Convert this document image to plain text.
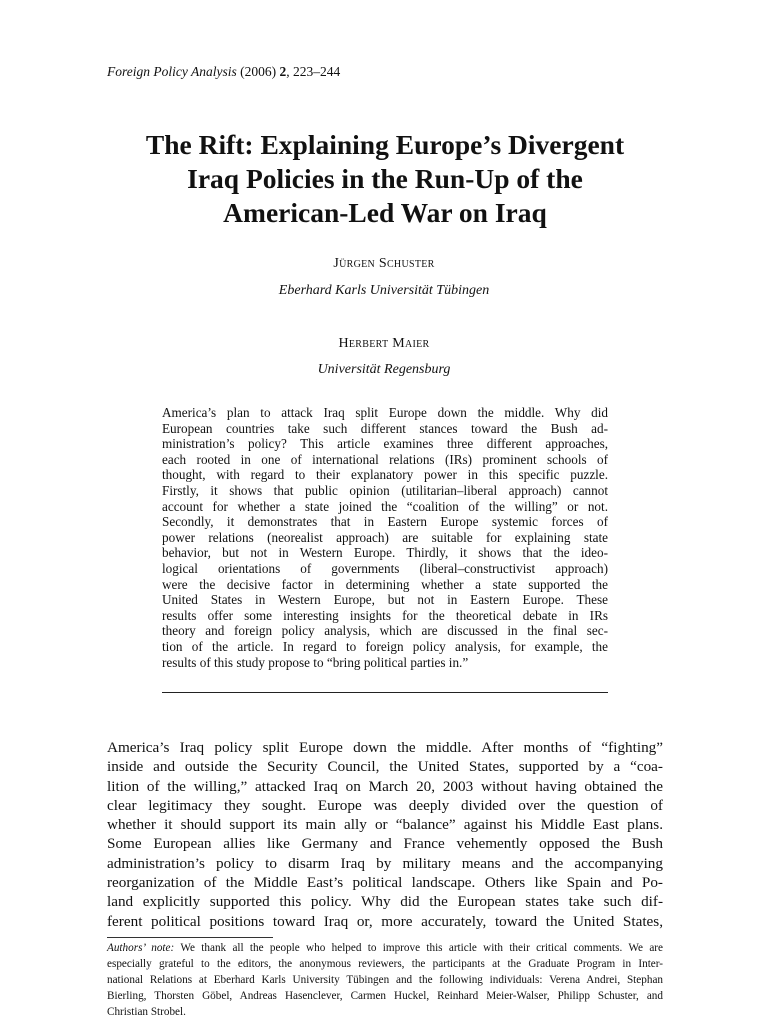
Foreign Policy Analysis (2006) 2, 223–244
The Rift: Explaining Europe’s Divergent
Iraq Policies in the Run-Up of the
American-Led War on Iraq
Jürgen Schuster
Eberhard Karls Universität Tübingen
Herbert Maier
Universität Regensburg
America’s plan to attack Iraq split Europe down the middle. Why did
European countries take such different stances toward the Bush ad-
ministration’s policy? This article examines three different approaches,
each rooted in one of international relations (IRs) prominent schools of
thought, with regard to their explanatory power in this specific puzzle.
Firstly, it shows that public opinion (utilitarian–liberal approach) cannot
account for whether a state joined the “coalition of the willing” or not.
Secondly, it demonstrates that in Eastern Europe systemic forces of
power relations (neorealist approach) are suitable for explaining state
behavior, but not in Western Europe. Thirdly, it shows that the ideo-
logical orientations of governments (liberal–constructivist approach)
were the decisive factor in determining whether a state supported the
United States in Western Europe, but not in Eastern Europe. These
results offer some interesting insights for the theoretical debate in IRs
theory and foreign policy analysis, which are discussed in the final sec-
tion of the article. In regard to foreign policy analysis, for example, the
results of this study propose to “bring political parties in.”
America’s Iraq policy split Europe down the middle. After months of “fighting”
inside and outside the Security Council, the United States, supported by a “coa-
lition of the willing,” attacked Iraq on March 20, 2003 without having obtained the
clear legitimacy they sought. Europe was deeply divided over the question of
whether it should support its main ally or “balance” against his Middle East plans.
Some European allies like Germany and France vehemently opposed the Bush
administration’s policy to disarm Iraq by military means and the accompanying
reorganization of the Middle East’s political landscape. Others like Spain and Po-
land explicitly supported this policy. Why did the European states take such dif-
ferent political positions toward Iraq or, more accurately, toward the United States,
Authors’ note: We thank all the people who helped to improve this article with their critical comments. We are
especially grateful to the editors, the anonymous reviewers, the participants at the Graduate Program in Inter-
national Relations at Eberhard Karls University Tübingen and the following individuals: Verena Andrei, Stephan
Bierling, Thorsten Göbel, Andreas Hasenclever, Carmen Huckel, Reinhard Meier-Walser, Philipp Schuster, and
Christian Strobel.
